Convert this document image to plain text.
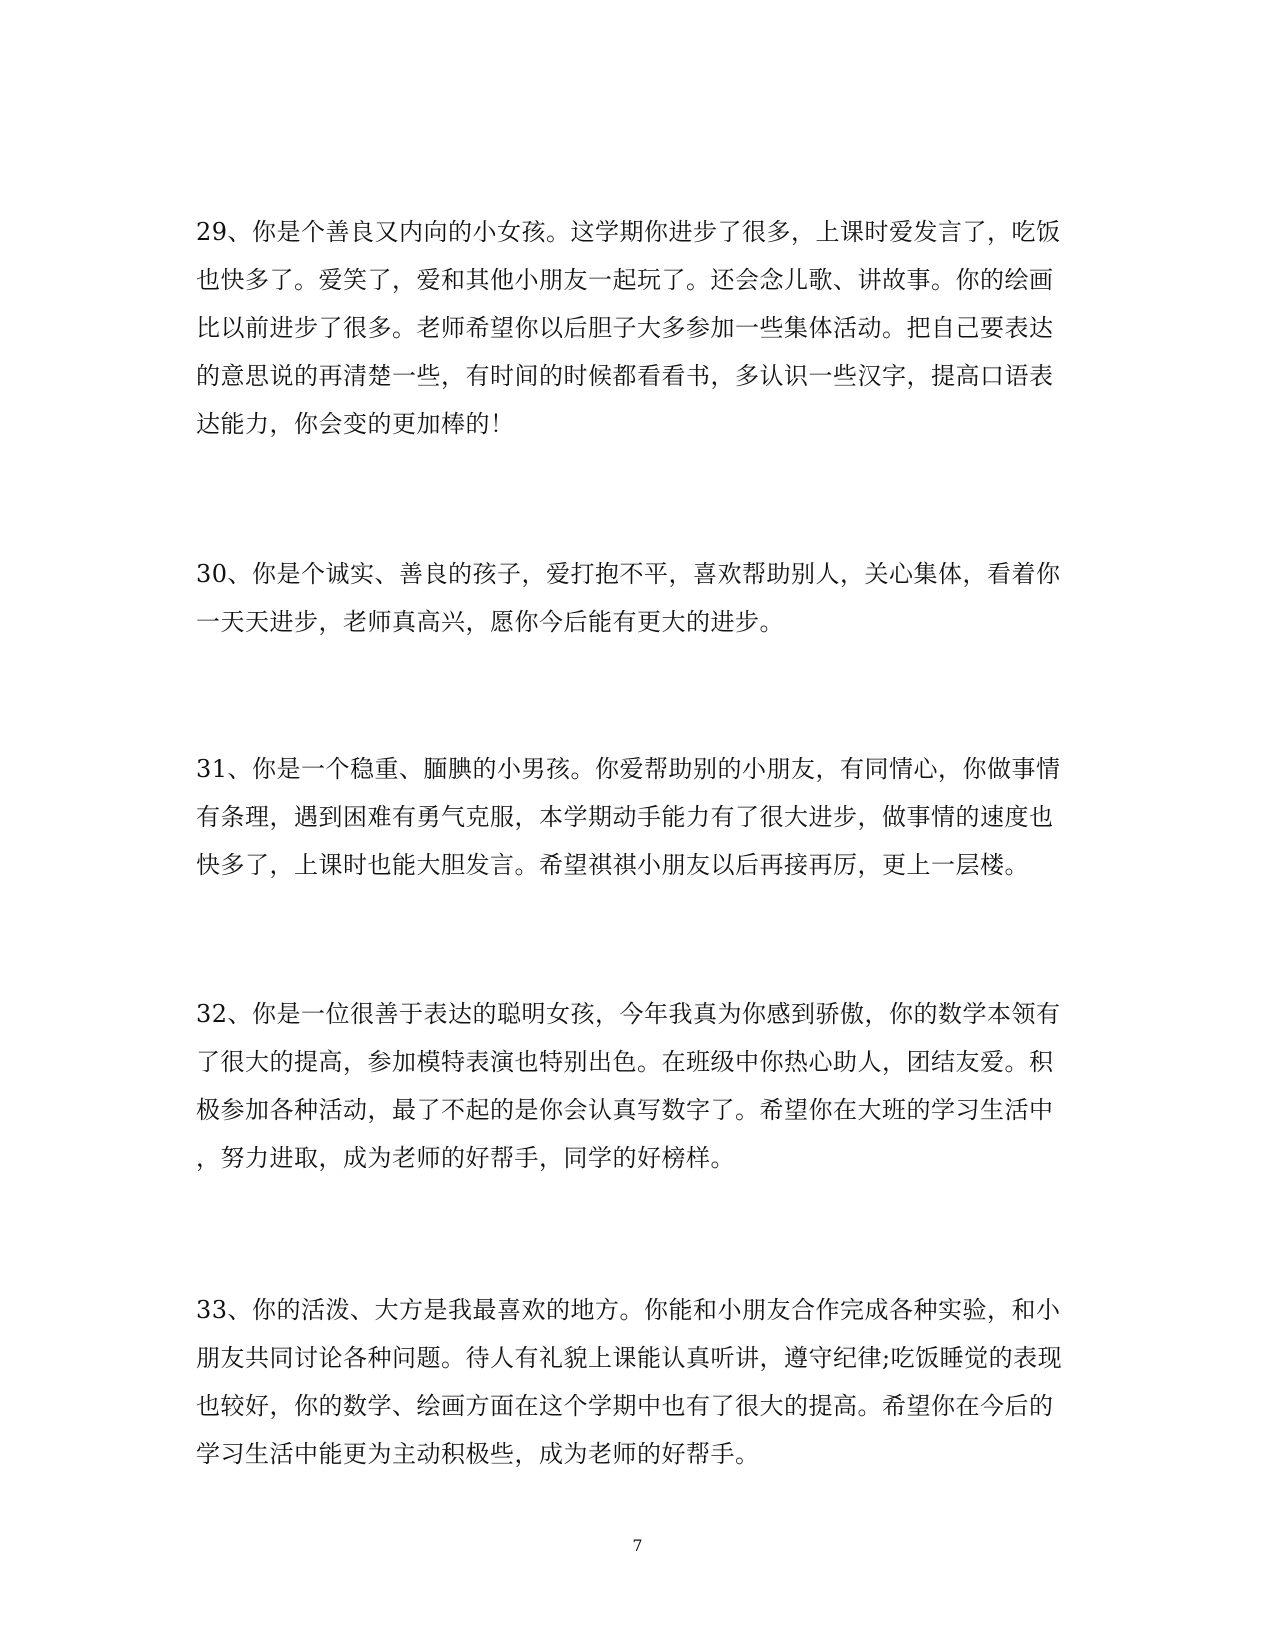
29、你是个善良又内向的小女孩。这学期你进步了很多，上课时爱发言了，吃饭
也快多了。爱笑了，爱和其他小朋友一起玩了。还会念儿歌、讲故事。你的绘画
比以前进步了很多。老师希望你以后胆子大多参加一些集体活动。把自己要表达
的意思说的再清楚一些，有时间的时候都看看书，多认识一些汉字，提高口语表
达能力，你会变的更加棒的！
30、你是个诚实、善良的孩子，爱打抱不平，喜欢帮助别人，关心集体，看着你
一天天进步，老师真高兴，愿你今后能有更大的进步。
31、你是一个稳重、腼腆的小男孩。你爱帮助别的小朋友，有同情心，你做事情
有条理，遇到困难有勇气克服，本学期动手能力有了很大进步，做事情的速度也
快多了，上课时也能大胆发言。希望祺祺小朋友以后再接再厉，更上一层楼。
32、你是一位很善于表达的聪明女孩，今年我真为你感到骄傲，你的数学本领有
了很大的提高，参加模特表演也特别出色。在班级中你热心助人，团结友爱。积
极参加各种活动，最了不起的是你会认真写数字了。希望你在大班的学习生活中
，努力进取，成为老师的好帮手，同学的好榜样。
33、你的活泼、大方是我最喜欢的地方。你能和小朋友合作完成各种实验，和小
朋友共同讨论各种问题。待人有礼貌上课能认真听讲，遵守纪律;吃饭睡觉的表现
也较好，你的数学、绘画方面在这个学期中也有了很大的提高。希望你在今后的
学习生活中能更为主动积极些，成为老师的好帮手。
7
